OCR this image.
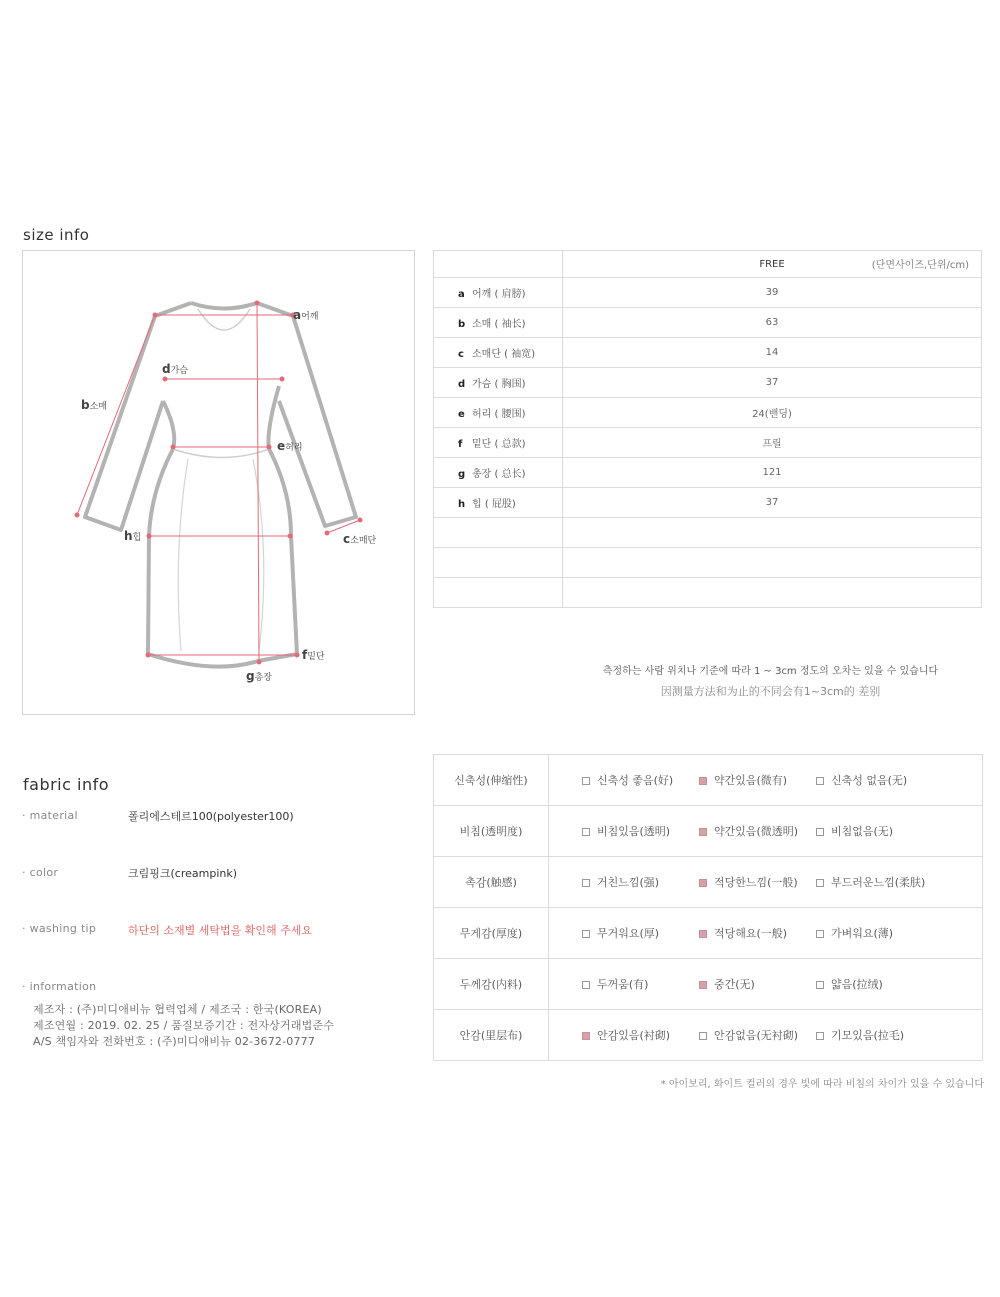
size info
a어깨
b소매
c소매단
d가슴
e허리
f밑단
g총장
h힙

	FREE (단면사이즈,단위/cm)

a 어깨 ( 肩膀)	39
b 소매 ( 袖长)	63
c 소매단 ( 袖宽)	14
d 가슴 ( 胸围)	37
e 허리 ( 腰围)	24(밴딩)
f 밑단 ( 总款)	프릴
g 총장 ( 总长)	121
h 힙 ( 屁股)	37

측정하는 사람 위치나 기준에 따라 1 ~ 3cm 정도의 오차는 있을 수 있습니다
因测量方法和为止的不同会有1~3cm的 差别
fabric info
· material	폴리에스테르100(polyester100)
· color	크림핑크(creampink)
· washing tip	하단의 소재별 세탁법을 확인해 주세요
· information
제조자 : (주)미디애비뉴 협력업체 / 제조국 : 한국(KOREA)
제조연월 : 2019. 02. 25 / 품질보증기간 : 전자상거래법준수
A/S 책임자와 전화번호 : (주)미디애비뉴 02-3672-0777
신축성(伸缩性)	신축성 좋음(好) 약간있음(微有) 신축성 없음(无)
비침(透明度)	비침있음(透明) 약간있음(微透明) 비침없음(无)
촉감(触感)	거친느낌(强) 적당한느낌(一般) 부드러운느낌(柔肤)
무게감(厚度)	무거워요(厚) 적당해요(一般) 가벼워요(薄)
두께감(内料)	두꺼움(有) 중간(无) 얇음(拉绒)
안감(里层布)	안감있음(衬砌) 안감없음(无衬砌) 기모있음(拉毛)
* 아이보리, 화이트 컬러의 경우 빛에 따라 비침의 차이가 있을 수 있습니다
